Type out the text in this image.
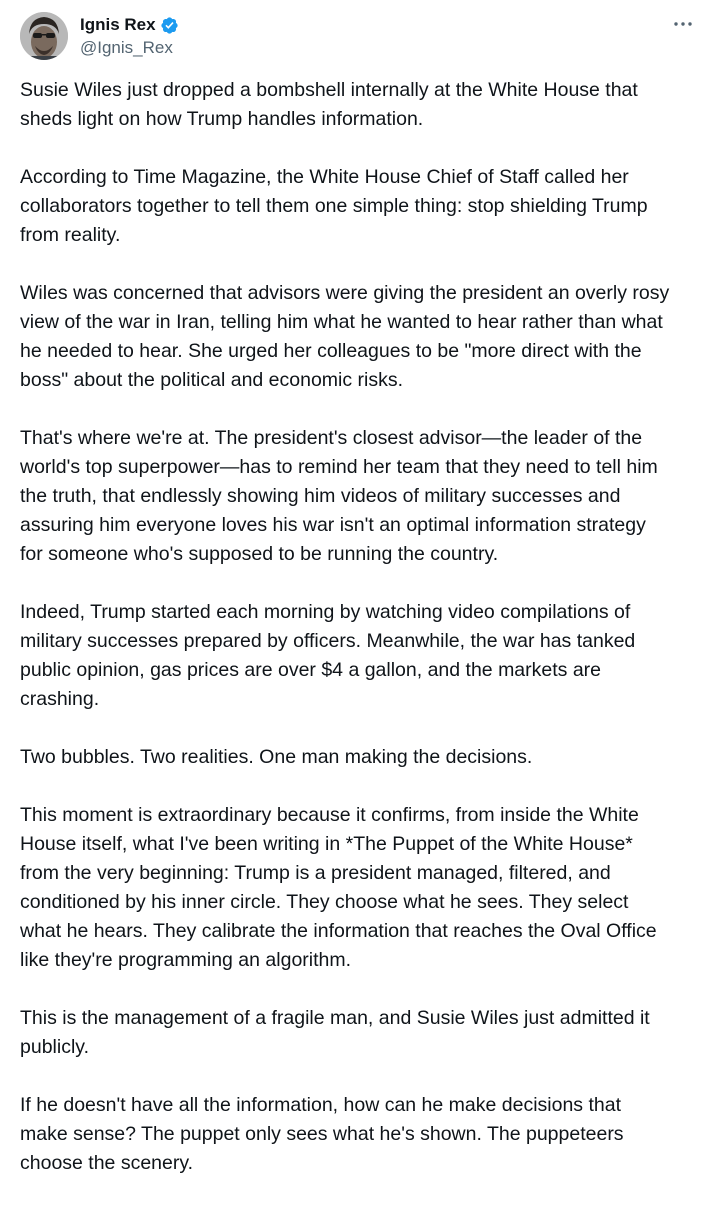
Ignis Rex
@Ignis_Rex

Susie Wiles just dropped a bombshell internally at the White House that
sheds light on how Trump handles information.

According to Time Magazine, the White House Chief of Staff called her
collaborators together to tell them one simple thing: stop shielding Trump
from reality.

Wiles was concerned that advisors were giving the president an overly rosy
view of the war in Iran, telling him what he wanted to hear rather than what
he needed to hear. She urged her colleagues to be "more direct with the
boss" about the political and economic risks.

That's where we're at. The president's closest advisor—the leader of the
world's top superpower—has to remind her team that they need to tell him
the truth, that endlessly showing him videos of military successes and
assuring him everyone loves his war isn't an optimal information strategy
for someone who's supposed to be running the country.

Indeed, Trump started each morning by watching video compilations of
military successes prepared by officers. Meanwhile, the war has tanked
public opinion, gas prices are over $4 a gallon, and the markets are
crashing.

Two bubbles. Two realities. One man making the decisions.

This moment is extraordinary because it confirms, from inside the White
House itself, what I've been writing in *The Puppet of the White House*
from the very beginning: Trump is a president managed, filtered, and
conditioned by his inner circle. They choose what he sees. They select
what he hears. They calibrate the information that reaches the Oval Office
like they're programming an algorithm.

This is the management of a fragile man, and Susie Wiles just admitted it
publicly.

If he doesn't have all the information, how can he make decisions that
make sense? The puppet only sees what he's shown. The puppeteers
choose the scenery.
